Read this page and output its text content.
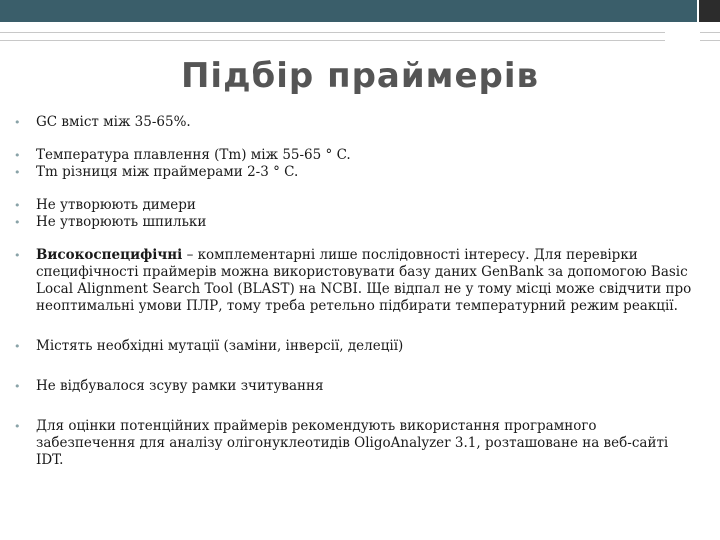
Підбір праймерів
• GC вміст між 35-65%.
• Температура плавлення (Tm) між 55-65 ° C.
• Tm різниця між праймерами 2-3 ° C.
• Не утворюють димери
• Не утворюють шпильки
• Високоспецифічні – комплементарні лише послідовності інтересу. Для перевірки специфічності праймерів можна використовувати базу даних GenBank за допомогою Basic Local Alignment Search Tool (BLAST) на NCBI. Ще відпал не у тому місці може свідчити про неоптимальні умови ПЛР, тому треба ретельно підбирати температурний режим реакції.
• Містять необхідні мутації (заміни, інверсії, делеції)
• Не відбувалося зсуву рамки зчитування
• Для оцінки потенційних праймерів рекомендують використання програмного забезпечення для аналізу олігонуклеотидів OligoAnalyzer 3.1, розташоване на веб-сайті IDT.
